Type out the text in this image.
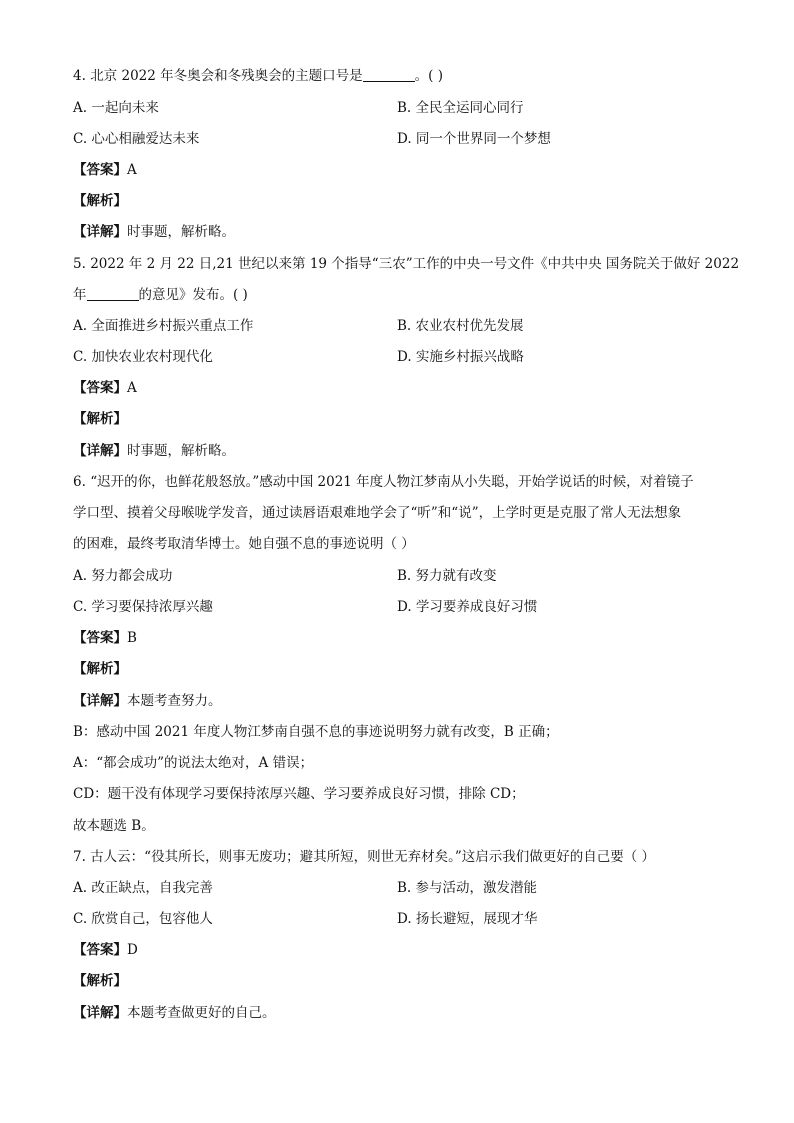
4. 北京 2022 年冬奥会和冬残奥会的主题口号是	。( )
A. 一起向未来	B. 全民全运同心同行
C. 心心相融爱达未来	D. 同一个世界同一个梦想
【答案】A
【解析】
【详解】时事题，解析略。
5. 2022 年 2 月 22 日,21 世纪以来第 19 个指导“三农”工作的中央一号文件《中共中央 国务院关于做好 2022
年	的意见》发布。( )
A. 全面推进乡村振兴重点工作	B. 农业农村优先发展
C. 加快农业农村现代化	D. 实施乡村振兴战略
【答案】A
【解析】
【详解】时事题，解析略。
6. “迟开的你，也鲜花般怒放。”感动中国 2021 年度人物江梦南从小失聪，开始学说话的时候，对着镜子
学口型、摸着父母喉咙学发音，通过读唇语艰难地学会了“听”和“说”，上学时更是克服了常人无法想象
的困难，最终考取清华博士。她自强不息的事迹说明（ ）
A. 努力都会成功	B. 努力就有改变
C. 学习要保持浓厚兴趣	D. 学习要养成良好习惯
【答案】B
【解析】
【详解】本题考查努力。
B：感动中国 2021 年度人物江梦南自强不息的事迹说明努力就有改变，B 正确；
A：“都会成功”的说法太绝对，A 错误；
CD：题干没有体现学习要保持浓厚兴趣、学习要养成良好习惯，排除 CD；
故本题选 B。
7. 古人云：“役其所长，则事无废功；避其所短，则世无弃材矣。”这启示我们做更好的自己要（ ）
A. 改正缺点，自我完善	B. 参与活动，激发潜能
C. 欣赏自己，包容他人	D. 扬长避短，展现才华
【答案】D
【解析】
【详解】本题考查做更好的自己。
